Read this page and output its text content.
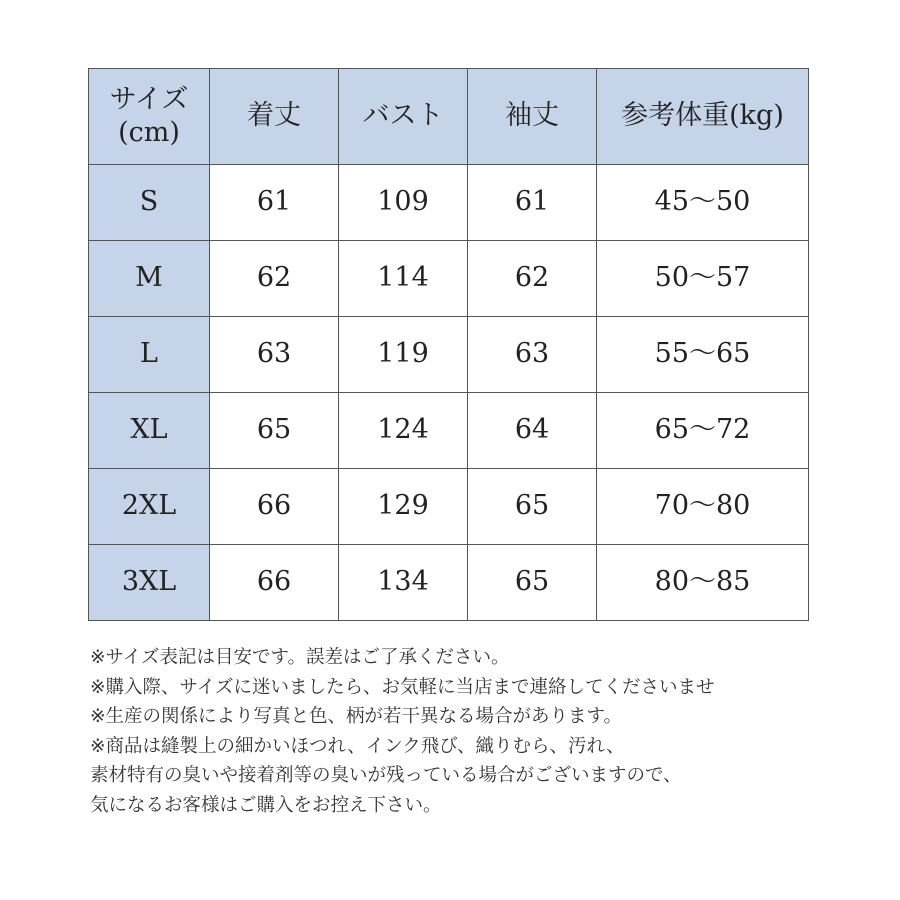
サイズ
(cm)	着丈	バスト	袖丈	参考体重(kg)
S	61	109	61	45～50
M	62	114	62	50～57
L	63	119	63	55～65
XL	65	124	64	65～72
2XL	66	129	65	70～80
3XL	66	134	65	80～85
※サイズ表記は目安です。誤差はご了承ください。
※購入際、サイズに迷いましたら、お気軽に当店まで連絡してくださいませ
※生産の関係により写真と色、柄が若干異なる場合があります。
※商品は縫製上の細かいほつれ、インク飛び、織りむら、汚れ、
素材特有の臭いや接着剤等の臭いが残っている場合がございますので、
気になるお客様はご購入をお控え下さい。
